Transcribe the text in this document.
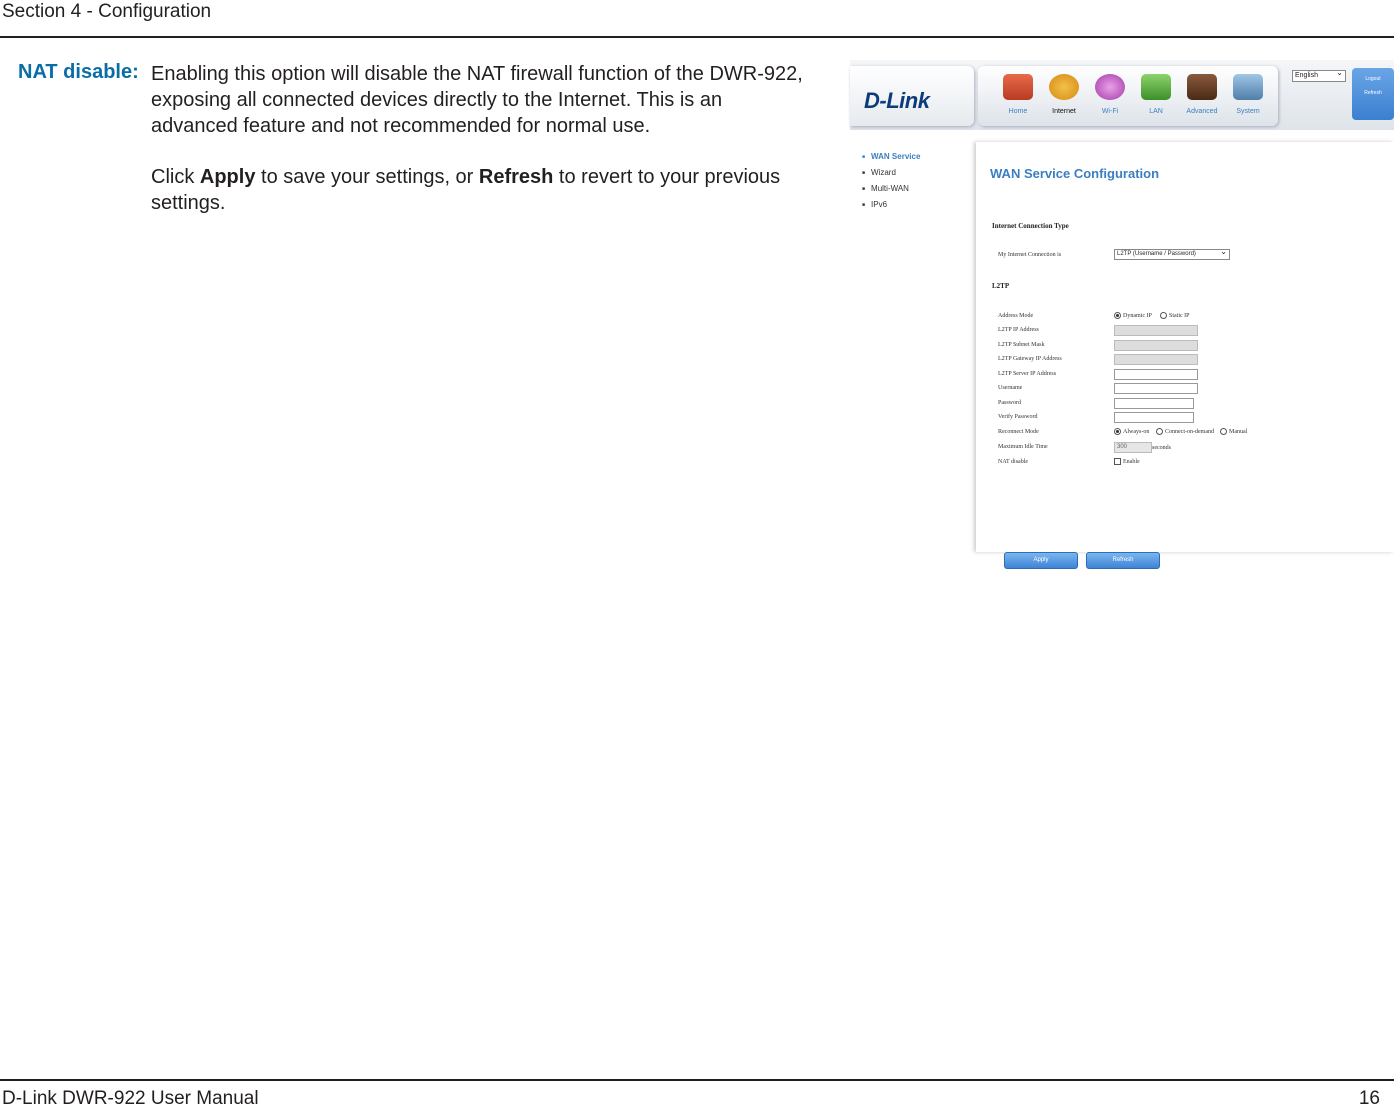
Section 4 - Configuration
NAT disable: Enabling this option will disable the NAT firewall function of the DWR-922, exposing all connected devices directly to the Internet. This is an advanced feature and not recommended for normal use.

Click Apply to save your settings, or Refresh to revert to your previous settings.

D-Link	Home	Internet	Wi-Fi	LAN	Advanced	System
English ⌄	Logout
Refresh
■ WAN Service
■ Wizard
■ Multi-WAN
■ IPv6
WAN Service Configuration
Internet Connection Type
My Internet Connection is	L2TP (Username / Password) ⌄
L2TP
Address Mode	Dynamic IP	Static IP
L2TP IP Address
L2TP Subnet Mask
L2TP Gateway IP Address
L2TP Server IP Address
Username
Password
Verify Password
Reconnect Mode	Always-on	Connect-on-demand	Manual
Maximum Idle Time	300	seconds
NAT disable	Enable
Apply	Refresh
D-Link DWR-922 User Manual	16
